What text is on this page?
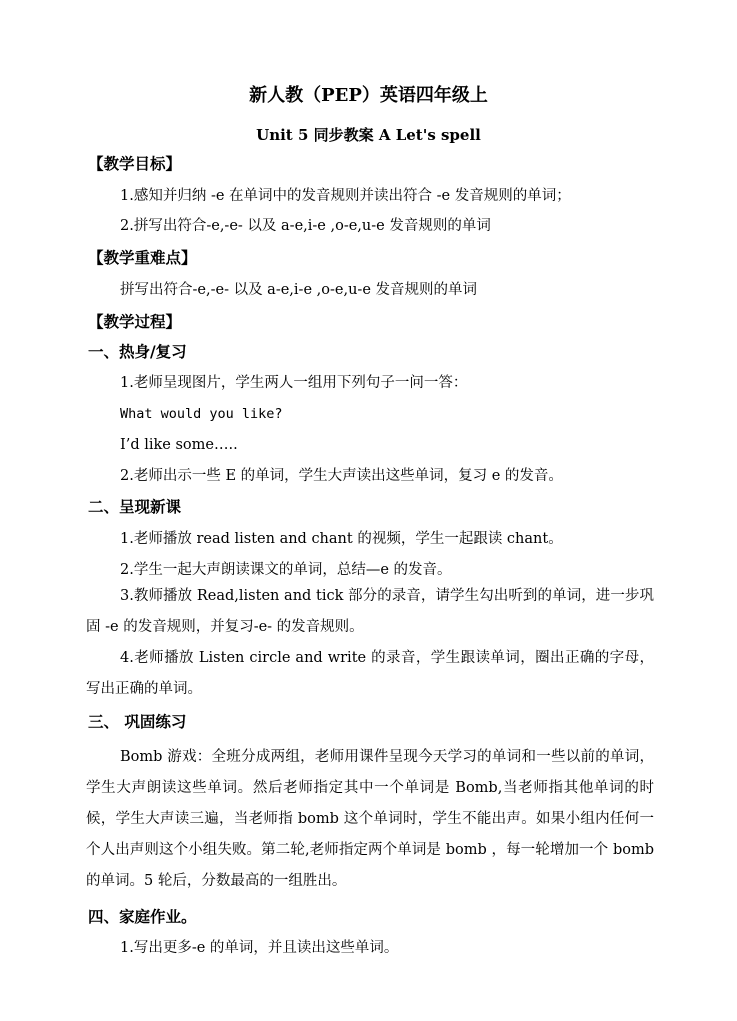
新人教（PEP）英语四年级上
Unit 5 同步教案 A Let's spell
【教学目标】
1.感知并归纳 -e 在单词中的发音规则并读出符合 -e 发音规则的单词；
2.拼写出符合-e,-e- 以及 a-e,i-e ,o-e,u-e 发音规则的单词
【教学重难点】
拼写出符合-e,-e- 以及 a-e,i-e ,o-e,u-e 发音规则的单词
【教学过程】
一、热身/复习
1.老师呈现图片，学生两人一组用下列句子一问一答：
What would you like?
I’d like some…..
2.老师出示一些 E 的单词，学生大声读出这些单词，复习 e 的发音。
二、呈现新课
1.老师播放 read listen and chant 的视频，学生一起跟读 chant。
2.学生一起大声朗读课文的单词，总结—e 的发音。
3.教师播放 Read,listen and tick 部分的录音，请学生勾出听到的单词，进一步巩固 -e 的发音规则，并复习-e- 的发音规则。
4.老师播放 Listen circle and write 的录音，学生跟读单词，圈出正确的字母，写出正确的单词。
三、 巩固练习
Bomb 游戏：全班分成两组，老师用课件呈现今天学习的单词和一些以前的单词，学生大声朗读这些单词。然后老师指定其中一个单词是 Bomb,当老师指其他单词的时候，学生大声读三遍，当老师指 bomb 这个单词时，学生不能出声。如果小组内任何一个人出声则这个小组失败。第二轮,老师指定两个单词是 bomb ，每一轮增加一个 bomb 的单词。5 轮后，分数最高的一组胜出。
四、家庭作业。
1.写出更多-e 的单词，并且读出这些单词。
